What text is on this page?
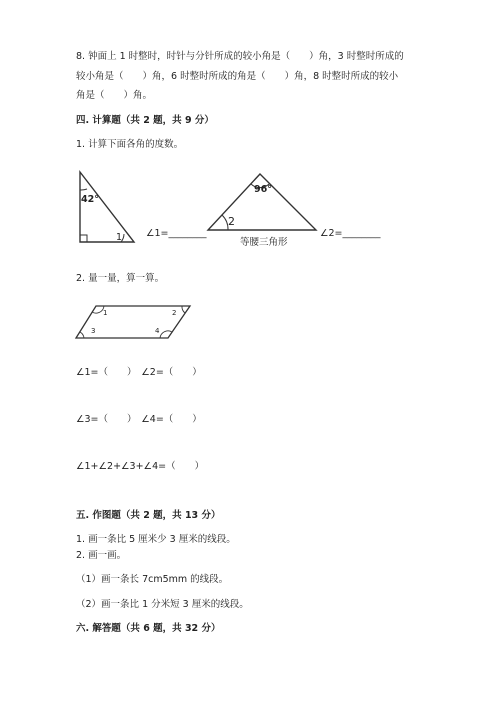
8. 钟面上 1 时整时，时针与分针所成的较小角是（　　）角，3 时整时所成的
较小角是（　　）角，6 时整时所成的角是（　　）角，8 时整时所成的较小
角是（　　）角。
四. 计算题（共 2 题，共 9 分）
1. 计算下面各角的度数。
42°
1	∠1=________
96°
2
等腰三角形
∠2=________
2. 量一量，算一算。
1	2
3	4
∠1=（　　）　∠2=（　　）
∠3=（　　）　∠4=（　　）
∠1+∠2+∠3+∠4=（　　）
五. 作图题（共 2 题，共 13 分）
1. 画一条比 5 厘米少 3 厘米的线段。
2. 画一画。
（1）画一条长 7cm5mm 的线段。
（2）画一条比 1 分米短 3 厘米的线段。
六. 解答题（共 6 题，共 32 分）
